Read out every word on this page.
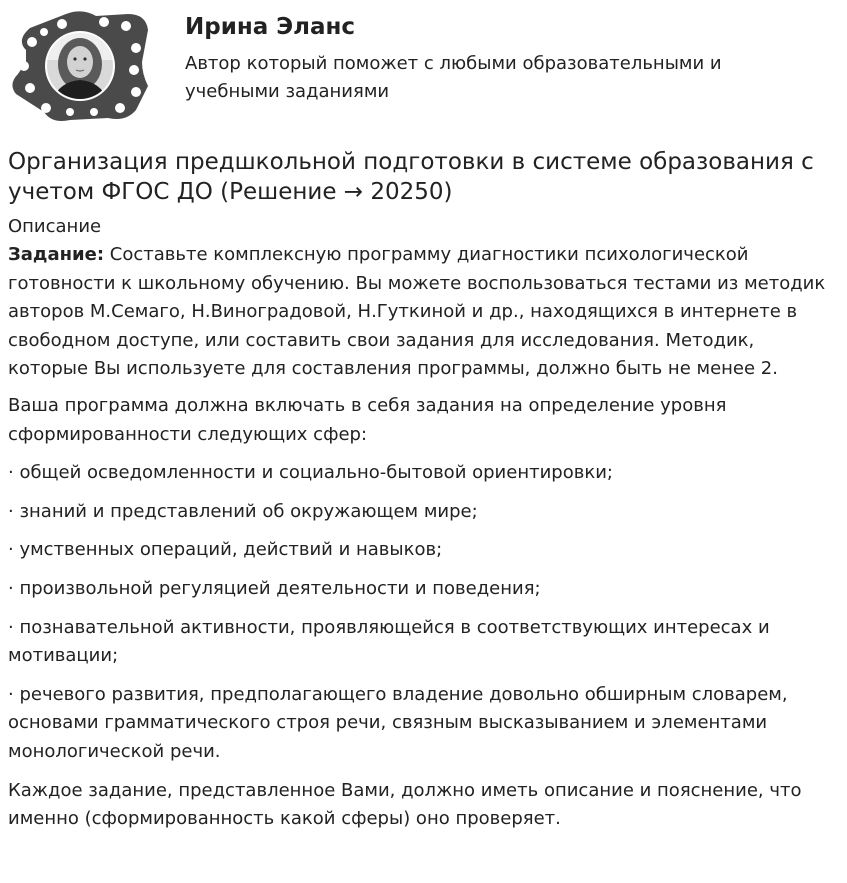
Ирина Эланс
Автор который поможет с любыми образовательными и учебными заданиями
Организация предшкольной подготовки в системе образования с учетом ФГОС ДО (Решение → 20250)
Описание

Задание: Составьте комплексную программу диагностики психологической готовности к школьному обучению. Вы можете воспользоваться тестами из методик авторов М.Семаго, Н.Виноградовой, Н.Гуткиной и др., находящихся в интернете в свободном доступе, или составить свои задания для исследования. Методик, которые Вы используете для составления программы, должно быть не менее 2.

Ваша программа должна включать в себя задания на определение уровня сформированности следующих сфер:

· общей осведомленности и социально-бытовой ориентировки;

· знаний и представлений об окружающем мире;

· умственных операций, действий и навыков;

· произвольной регуляцией деятельности и поведения;

· познавательной активности, проявляющейся в соответствующих интересах и мотивации;

· речевого развития, предполагающего владение довольно обширным словарем, основами грамматического строя речи, связным высказыванием и элементами монологической речи.

Каждое задание, представленное Вами, должно иметь описание и пояснение, что именно (сформированность какой сферы) оно проверяет.
